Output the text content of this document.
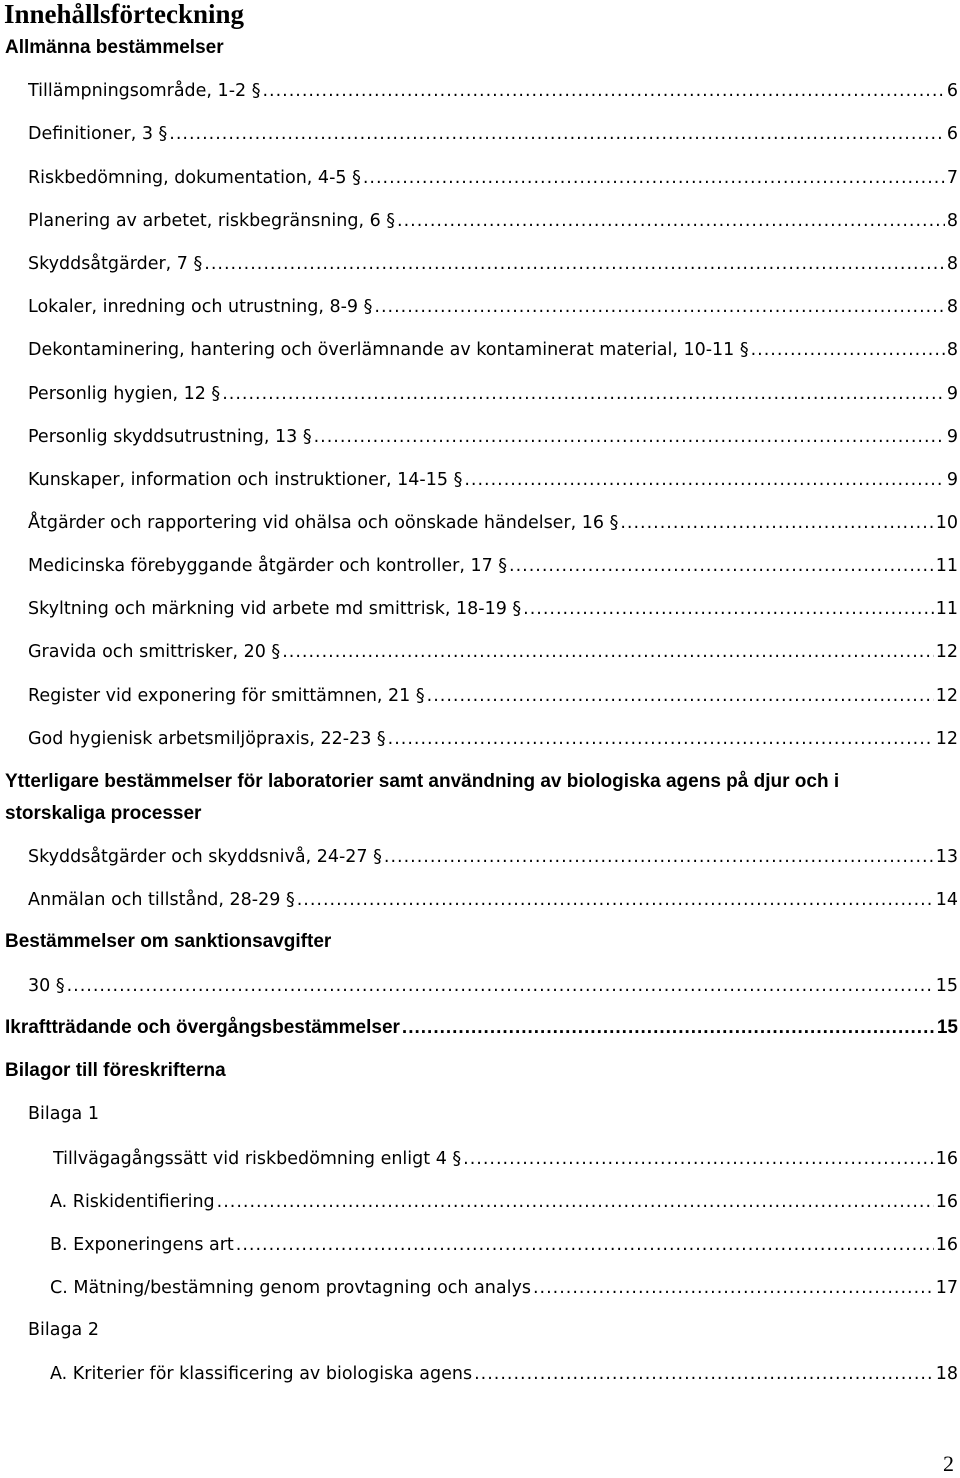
Innehållsförteckning
Allmänna bestämmelser
Tillämpningsområde, 1-2 § .....	6
Definitioner, 3 § .....	6
Riskbedömning, dokumentation, 4-5 § .....	7
Planering av arbetet, riskbegränsning, 6 § .....	8
Skyddsåtgärder, 7 § .....	8
Lokaler, inredning och utrustning, 8-9 § .....	8
Dekontaminering, hantering och överlämnande av kontaminerat material, 10-11 § .....	8
Personlig hygien, 12 § .....	9
Personlig skyddsutrustning, 13 § .....	9
Kunskaper, information och instruktioner, 14-15 § .....	9
Åtgärder och rapportering vid ohälsa och oönskade händelser, 16 § .....	10
Medicinska förebyggande åtgärder och kontroller, 17 § .....	11
Skyltning och märkning vid arbete md smittrisk, 18-19 § .....	11
Gravida och smittrisker, 20 § .....	12
Register vid exponering för smittämnen, 21 § .....	12
God hygienisk arbetsmiljöpraxis, 22-23 § .....	12
Ytterligare bestämmelser för laboratorier samt användning av biologiska agens på djur och i storskaliga processer
Skyddsåtgärder och skyddsnivå, 24-27 § .....	13
Anmälan och tillstånd, 28-29 § .....	14
Bestämmelser om sanktionsavgifter
30 § .....	15
Ikraftträdande och övergångsbestämmelser .....	15
Bilagor till föreskrifterna
Bilaga 1
Tillvägagångssätt vid riskbedömning enligt 4 § .....	16
A. Riskidentifiering .....	16
B. Exponeringens art .....	16
C. Mätning/bestämning genom provtagning och analys .....	17
Bilaga 2
A. Kriterier för klassificering av biologiska agens .....	18
2
